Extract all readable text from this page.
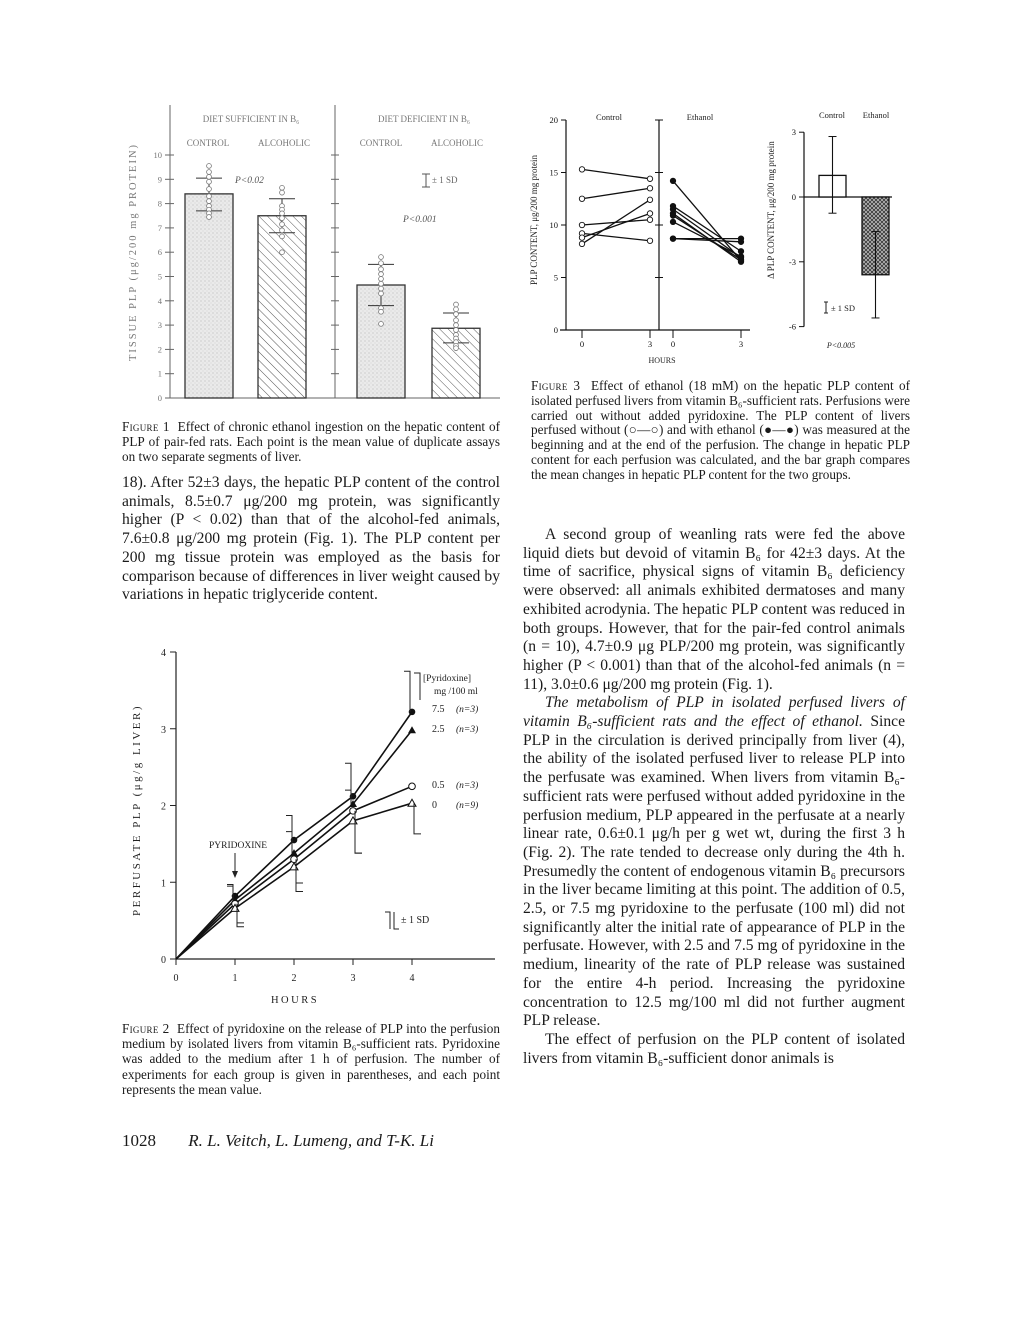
0
1
2
3
4
5
6
7
8
9
10
TISSUE PLP (μg/200 mg PROTEIN)
DIET SUFFICIENT IN B₆	DIET DEFICIENT IN B₆
CONTROL	ALCOHOLIC	CONTROL	ALCOHOLIC
P<0.02
P<0.001
± 1 SD
Figure 1 Effect of chronic ethanol ingestion on the hepatic content of PLP of pair-fed rats. Each point is the mean value of duplicate assays on two separate segments of liver.

18). After 52±3 days, the hepatic PLP content of the control animals, 8.5±0.7 μg/200 mg protein, was significantly higher (P < 0.02) than that of the alcohol-fed animals, 7.6±0.8 μg/200 mg protein (Fig. 1). The PLP content per 200 mg tissue protein was employed as the basis for comparison because of differences in liver weight caused by variations in hepatic triglyceride content.

0
1
2
3
4
0	1	2	3	4
PERFUSATE PLP (μg/g LIVER)
HOURS
[Pyridoxine]
mg /100 ml
7.5 (n=3)
2.5 (n=3)
0.5 (n=3)
0 (n=9)
PYRIDOXINE
± 1 SD
Figure 2 Effect of pyridoxine on the release of PLP into the perfusion medium by isolated livers from vitamin B₆-sufficient rats. Pyridoxine was added to the medium after 1 h of perfusion. The number of experiments for each group is given in parentheses, and each point represents the mean value.
1028 R. L. Veitch, L. Lumeng, and T-K. Li
0
5
10
15
20
0	3 0	3
-6
-3
0
3
PLP CONTENT, μg/200 mg protein	Δ PLP CONTENT, μg/200 mg protein
Control	Ethanol
HOURS
Control Ethanol
P<0.005
± 1 SD
Figure 3 Effect of ethanol (18 mM) on the hepatic PLP content of isolated perfused livers from vitamin B₆-sufficient rats. Perfusions were carried out without added pyridoxine. The PLP content of livers perfused without (○—○) and with ethanol (●—●) was measured at the beginning and at the end of the perfusion. The change in hepatic PLP content for each perfusion was calculated, and the bar graph compares the mean changes in hepatic PLP content for the two groups.

A second group of weanling rats were fed the above liquid diets but devoid of vitamin B₆ for 42±3 days. At the time of sacrifice, physical signs of vitamin B₆ deficiency were observed: all animals exhibited dermatoses and many exhibited acrodynia. The hepatic PLP content was reduced in both groups. However, that for the pair-fed control animals (n = 10), 4.7±0.9 μg PLP/200 mg protein, was significantly higher (P < 0.001) than that of the alcohol-fed animals (n = 11), 3.0±0.6 μg/200 mg protein (Fig. 1).

The metabolism of PLP in isolated perfused livers of vitamin B₆-sufficient rats and the effect of ethanol. Since PLP in the circulation is derived principally from liver (4), the ability of the isolated perfused liver to release PLP into the perfusate was examined. When livers from vitamin B₆-sufficient rats were perfused without added pyridoxine in the perfusion medium, PLP appeared in the perfusate at a nearly linear rate, 0.6±0.1 μg/h per g wet wt, during the first 3 h (Fig. 2). The rate tended to decrease only during the 4th h. Presumedly the content of endogenous vitamin B₆ precursors in the liver became limiting at this point. The addition of 0.5, 2.5, or 7.5 mg pyridoxine to the perfusate (100 ml) did not significantly alter the initial rate of appearance of PLP in the perfusate. However, with 2.5 and 7.5 mg of pyridoxine in the medium, linearity of the rate of PLP release was sustained for the entire 4-h period. Increasing the pyridoxine concentration to 12.5 mg/100 ml did not further augment PLP release.

The effect of perfusion on the PLP content of isolated livers from vitamin B₆-sufficient donor animals is
